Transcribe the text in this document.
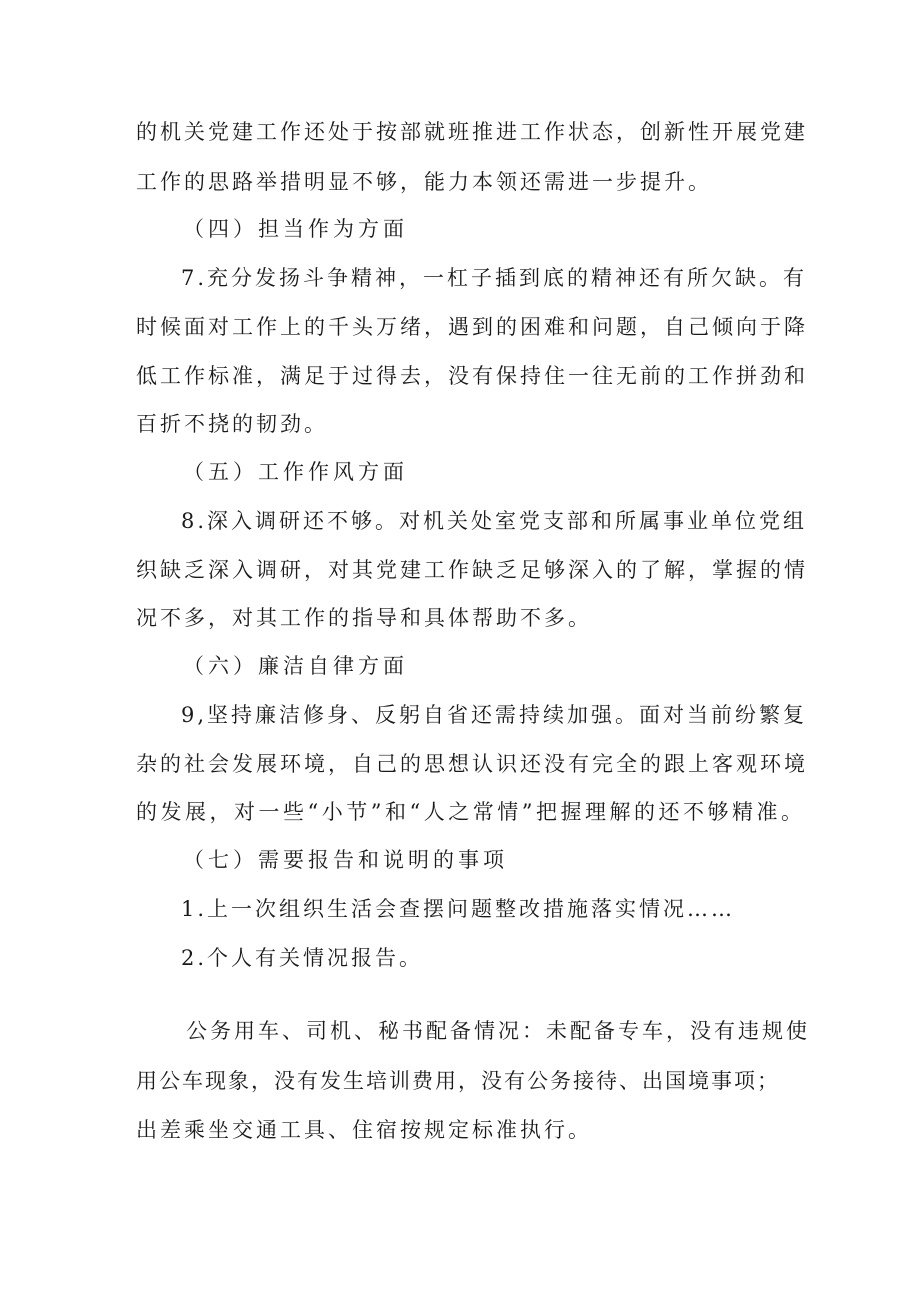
的机关党建工作还处于按部就班推进工作状态，创新性开展党建
工作的思路举措明显不够，能力本领还需进一步提升。
（四）担当作为方面
7.充分发扬斗争精神，一杠子插到底的精神还有所欠缺。有
时候面对工作上的千头万绪，遇到的困难和问题，自己倾向于降
低工作标准，满足于过得去，没有保持住一往无前的工作拼劲和
百折不挠的韧劲。
（五）工作作风方面
8.深入调研还不够。对机关处室党支部和所属事业单位党组
织缺乏深入调研，对其党建工作缺乏足够深入的了解，掌握的情
况不多，对其工作的指导和具体帮助不多。
（六）廉洁自律方面
9,坚持廉洁修身、反躬自省还需持续加强。面对当前纷繁复
杂的社会发展环境，自己的思想认识还没有完全的跟上客观环境
的发展，对一些“小节”和“人之常情”把握理解的还不够精准。
（七）需要报告和说明的事项
1.上一次组织生活会查摆问题整改措施落实情况……
2.个人有关情况报告。
公务用车、司机、秘书配备情况：未配备专车，没有违规使
用公车现象，没有发生培训费用，没有公务接待、出国境事项；
出差乘坐交通工具、住宿按规定标准执行。
